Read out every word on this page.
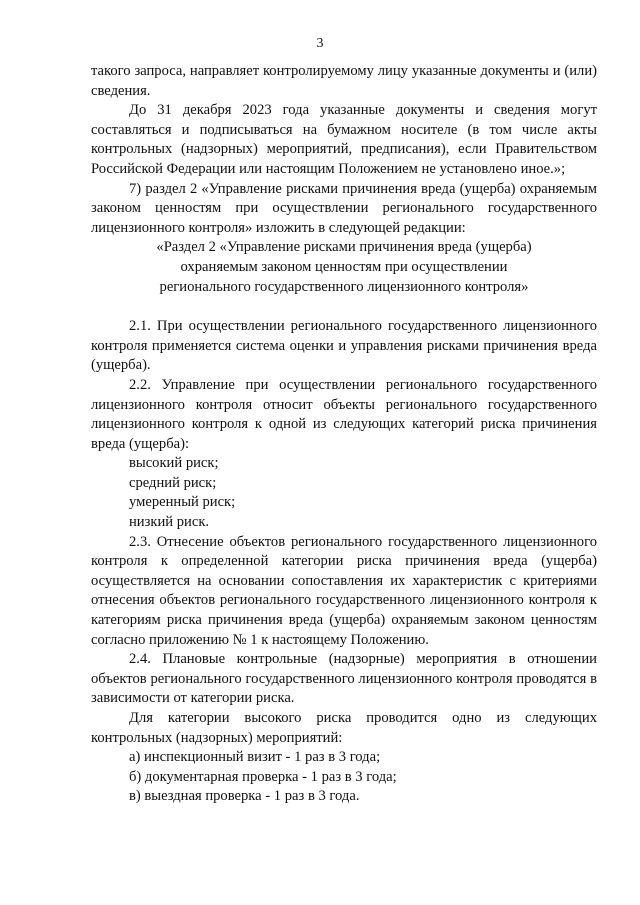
3

такого запроса, направляет контролируемому лицу указанные документы и (или) сведения.

До 31 декабря 2023 года указанные документы и сведения могут составляться и подписываться на бумажном носителе (в том числе акты контрольных (надзорных) мероприятий, предписания), если Правительством Российской Федерации или настоящим Положением не установлено иное.»;

7) раздел 2 «Управление рисками причинения вреда (ущерба) охраняемым законом ценностям при осуществлении регионального государственного лицензионного контроля» изложить в следующей редакции:

«Раздел 2 «Управление рисками причинения вреда (ущерба)

охраняемым законом ценностям при осуществлении

регионального государственного лицензионного контроля»

2.1. При осуществлении регионального государственного лицензионного контроля применяется система оценки и управления рисками причинения вреда (ущерба).

2.2. Управление при осуществлении регионального государственного лицензионного контроля относит объекты регионального государственного лицензионного контроля к одной из следующих категорий риска причинения вреда (ущерба):

высокий риск;

средний риск;

умеренный риск;

низкий риск.

2.3. Отнесение объектов регионального государственного лицензионного контроля к определенной категории риска причинения вреда (ущерба) осуществляется на основании сопоставления их характеристик с критериями отнесения объектов регионального государственного лицензионного контроля к категориям риска причинения вреда (ущерба) охраняемым законом ценностям согласно приложению № 1 к настоящему Положению.

2.4. Плановые контрольные (надзорные) мероприятия в отношении объектов регионального государственного лицензионного контроля проводятся в зависимости от категории риска.

Для категории высокого риска проводится одно из следующих контрольных (надзорных) мероприятий:

а) инспекционный визит - 1 раз в 3 года;

б) документарная проверка - 1 раз в 3 года;

в) выездная проверка - 1 раз в 3 года.
